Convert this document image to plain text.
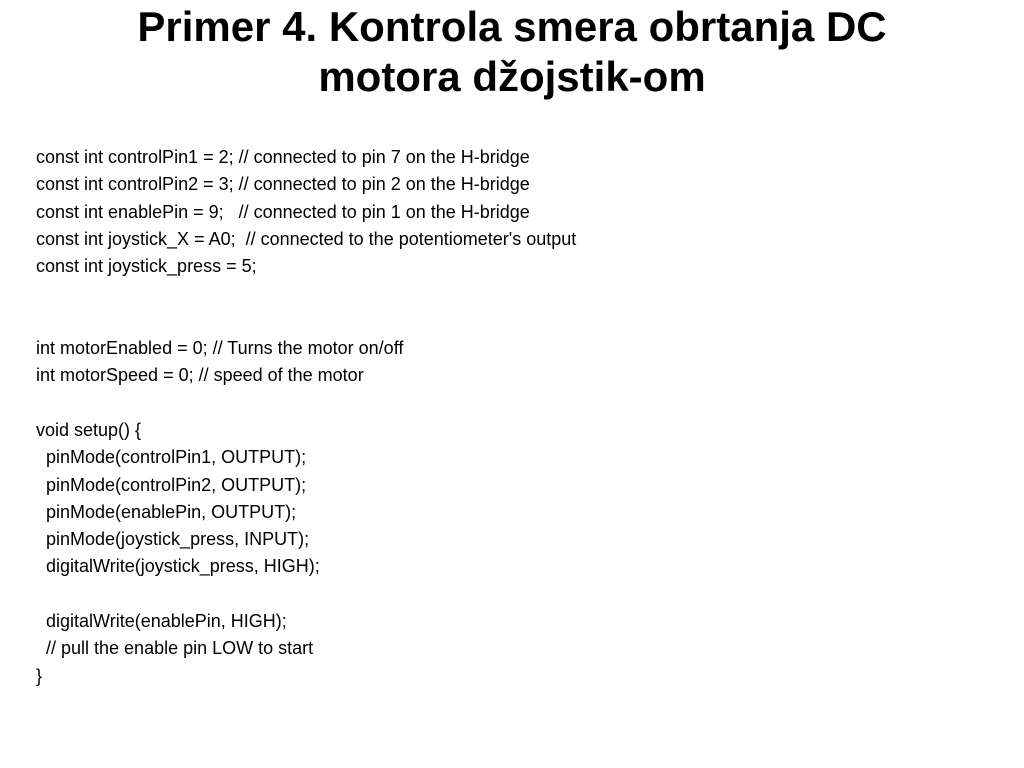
Primer 4. Kontrola smera obrtanja DC
motora džojstik-om
const int controlPin1 = 2; // connected to pin 7 on the H-bridge
const int controlPin2 = 3; // connected to pin 2 on the H-bridge
const int enablePin = 9;   // connected to pin 1 on the H-bridge
const int joystick_X = A0;  // connected to the potentiometer's output
const int joystick_press = 5;
int motorEnabled = 0; // Turns the motor on/off
int motorSpeed = 0; // speed of the motor
void setup() {
pinMode(controlPin1, OUTPUT);
pinMode(controlPin2, OUTPUT);
pinMode(enablePin, OUTPUT);
pinMode(joystick_press, INPUT);
digitalWrite(joystick_press, HIGH);
digitalWrite(enablePin, HIGH);
// pull the enable pin LOW to start
}
